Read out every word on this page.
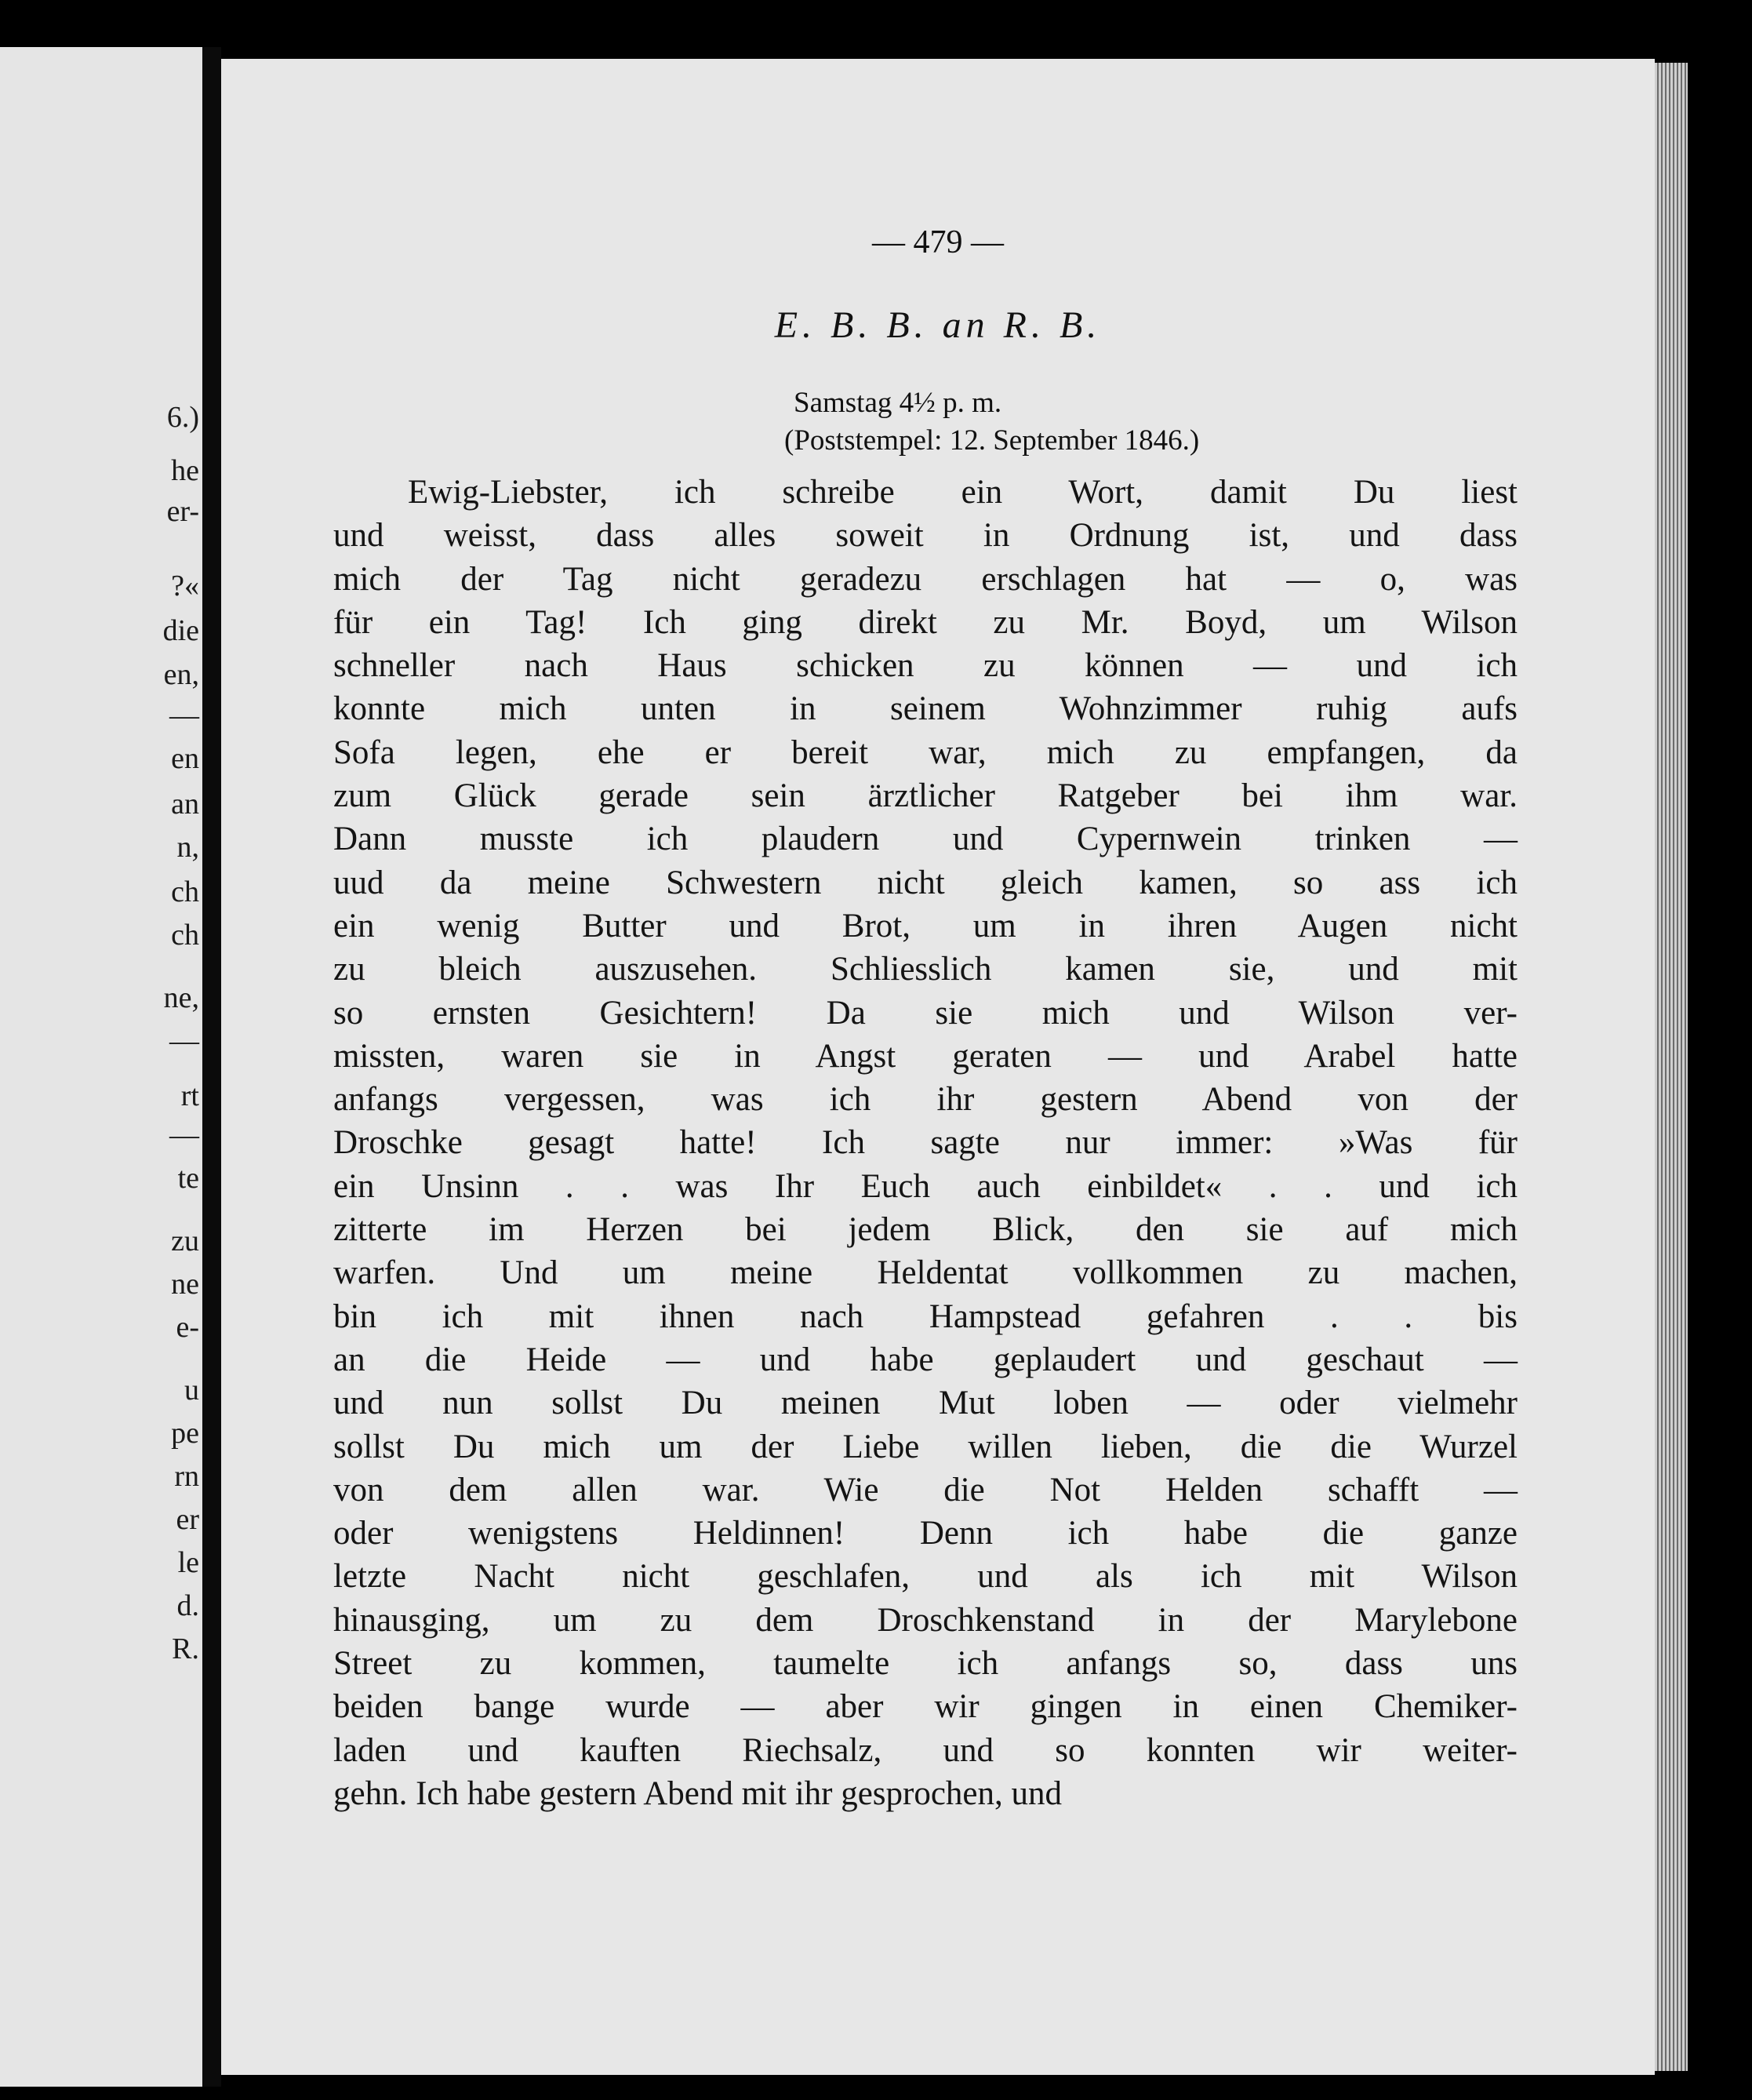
6.)
he
er-
?«
die
en,
—
en
an
n,
ch
ch
ne,
—
rt
—
te
zu
ne
e-
u
pe
rn
er
le
d.
R.
— 479 —
E. B. B. an R. B.
Samstag 4½ p. m.
(Poststempel: 12. September 1846.)
Ewig-Liebster, ich schreibe ein Wort, damit Du liest
und weisst, dass alles soweit in Ordnung ist, und dass
mich der Tag nicht geradezu erschlagen hat — o, was
für ein Tag! Ich ging direkt zu Mr. Boyd, um Wilson
schneller nach Haus schicken zu können — und ich
konnte mich unten in seinem Wohnzimmer ruhig aufs
Sofa legen, ehe er bereit war, mich zu empfangen, da
zum Glück gerade sein ärztlicher Ratgeber bei ihm war.
Dann musste ich plaudern und Cypernwein trinken —
uud da meine Schwestern nicht gleich kamen, so ass ich
ein wenig Butter und Brot, um in ihren Augen nicht
zu bleich auszusehen. Schliesslich kamen sie, und mit
so ernsten Gesichtern! Da sie mich und Wilson ver-
missten, waren sie in Angst geraten — und Arabel hatte
anfangs vergessen, was ich ihr gestern Abend von der
Droschke gesagt hatte! Ich sagte nur immer: »Was für
ein Unsinn . . was Ihr Euch auch einbildet« . . und ich
zitterte im Herzen bei jedem Blick, den sie auf mich
warfen. Und um meine Heldentat vollkommen zu machen,
bin ich mit ihnen nach Hampstead gefahren . . bis
an die Heide — und habe geplaudert und geschaut —
und nun sollst Du meinen Mut loben — oder vielmehr
sollst Du mich um der Liebe willen lieben, die die Wurzel
von dem allen war. Wie die Not Helden schafft —
oder wenigstens Heldinnen! Denn ich habe die ganze
letzte Nacht nicht geschlafen, und als ich mit Wilson
hinausging, um zu dem Droschkenstand in der Marylebone
Street zu kommen, taumelte ich anfangs so, dass uns
beiden bange wurde — aber wir gingen in einen Chemiker-
laden und kauften Riechsalz, und so konnten wir weiter-
gehn. Ich habe gestern Abend mit ihr gesprochen, und
